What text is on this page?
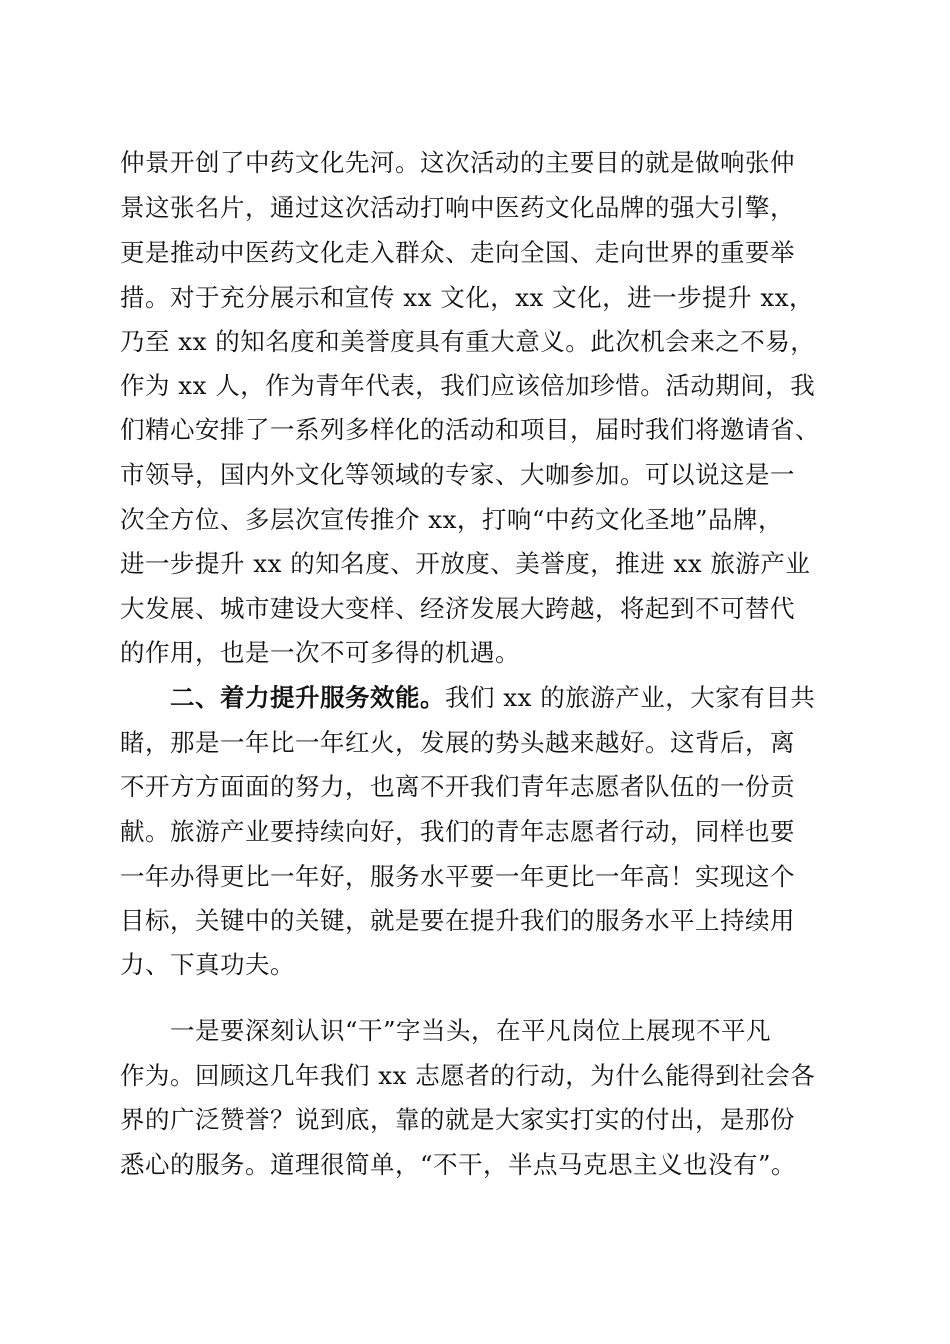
仲景开创了中药文化先河。这次活动的主要目的就是做响张仲
景这张名片，通过这次活动打响中医药文化品牌的强大引擎，
更是推动中医药文化走入群众、走向全国、走向世界的重要举
措。对于充分展示和宣传 xx 文化，xx 文化，进一步提升 xx，
乃至 xx 的知名度和美誉度具有重大意义。此次机会来之不易，
作为 xx 人，作为青年代表，我们应该倍加珍惜。活动期间，我
们精心安排了一系列多样化的活动和项目，届时我们将邀请省、
市领导，国内外文化等领域的专家、大咖参加。可以说这是一
次全方位、多层次宣传推介 xx，打响“中药文化圣地”品牌，
进一步提升 xx 的知名度、开放度、美誉度，推进 xx 旅游产业
大发展、城市建设大变样、经济发展大跨越，将起到不可替代
的作用，也是一次不可多得的机遇。
二、着力提升服务效能。我们 xx 的旅游产业，大家有目共
睹，那是一年比一年红火，发展的势头越来越好。这背后，离
不开方方面面的努力，也离不开我们青年志愿者队伍的一份贡
献。旅游产业要持续向好，我们的青年志愿者行动，同样也要
一年办得更比一年好，服务水平要一年更比一年高！实现这个
目标，关键中的关键，就是要在提升我们的服务水平上持续用
力、下真功夫。
一是要深刻认识“干”字当头，在平凡岗位上展现不平凡
作为。回顾这几年我们 xx 志愿者的行动，为什么能得到社会各
界的广泛赞誉？说到底，靠的就是大家实打实的付出，是那份
悉心的服务。道理很简单，“不干，半点马克思主义也没有”。
